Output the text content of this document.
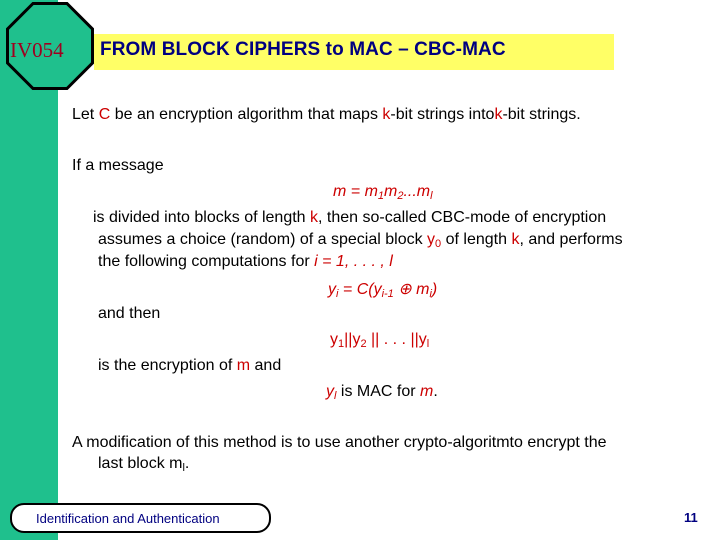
IV054 FROM BLOCK CIPHERS to MAC – CBC-MAC
Let C be an encryption algorithm that maps k-bit strings intok-bit strings.
If a message
$m = m_1m_2...m_l$
is divided into blocks of length k, then so-called CBC-mode of encryption
assumes a choice (random) of a special block $y_0$ of length k, and performs
the following computations for i = 1, . . . , l
$y_i = C(y_{i-1}$ ⊕ $m_i$)
and then
$y_1||y_2$ || . . . $||y_l$
is the encryption of m and
$y_l$ is MAC for m.
A modification of this method is to use another crypto-algoritmto encrypt the
last block $m_l$.
Identification and Authentication	11
